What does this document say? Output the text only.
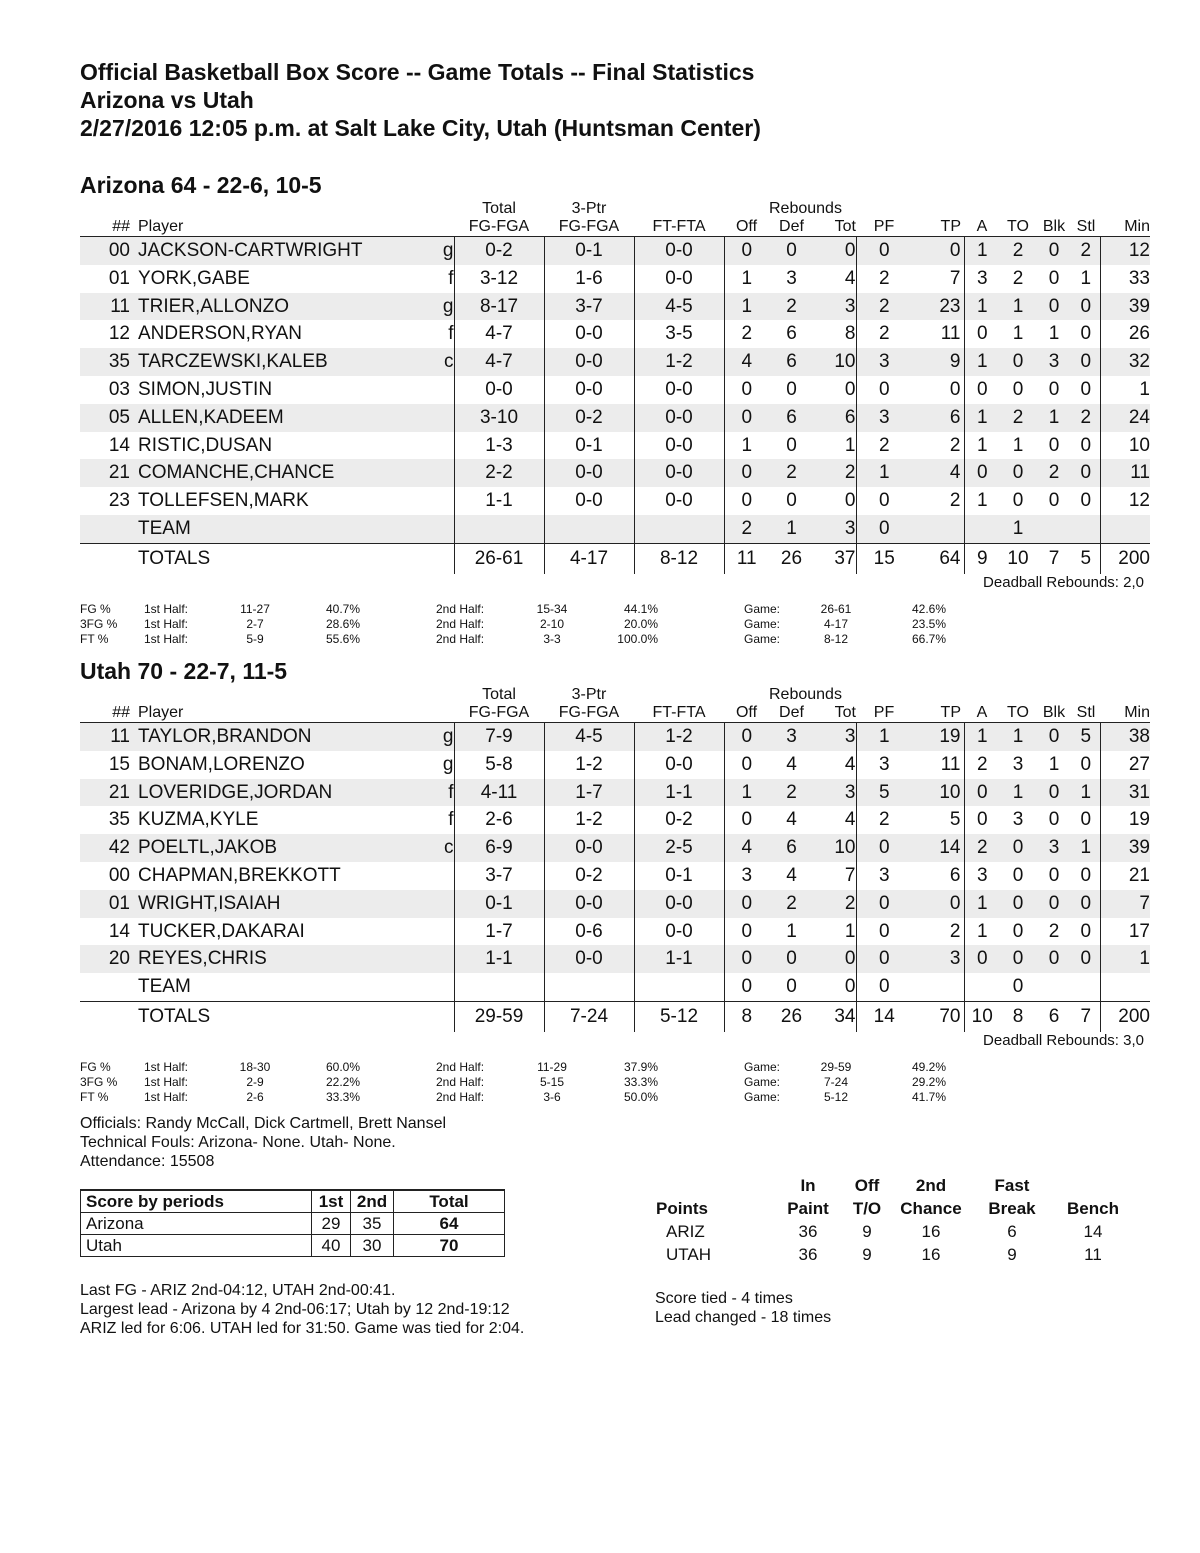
Official Basketball Box Score -- Game Totals -- Final Statistics
Arizona vs Utah
2/27/2016 12:05 p.m. at Salt Lake City, Utah (Huntsman Center)
Arizona 64 - 22-6, 10-5
			Total	3-Ptr			Rebounds								
##	Player		FG-FGA	FG-FGA	FT-FTA	Off	Def	Tot	PF	TP	A	TO	Blk	Stl	Min
00	JACKSON-CARTWRIGHT	g	0-2	0-1	0-0	0	0	0	0	0	1	2	0	2	12
01	YORK,GABE	f	3-12	1-6	0-0	1	3	4	2	7	3	2	0	1	33
11	TRIER,ALLONZO	g	8-17	3-7	4-5	1	2	3	2	23	1	1	0	0	39
12	ANDERSON,RYAN	f	4-7	0-0	3-5	2	6	8	2	11	0	1	1	0	26
35	TARCZEWSKI,KALEB	c	4-7	0-0	1-2	4	6	10	3	9	1	0	3	0	32
03	SIMON,JUSTIN		0-0	0-0	0-0	0	0	0	0	0	0	0	0	0	1
05	ALLEN,KADEEM		3-10	0-2	0-0	0	6	6	3	6	1	2	1	2	24
14	RISTIC,DUSAN		1-3	0-1	0-0	1	0	1	2	2	1	1	0	0	10
21	COMANCHE,CHANCE		2-2	0-0	0-0	0	2	2	1	4	0	0	2	0	11
23	TOLLEFSEN,MARK		1-1	0-0	0-0	0	0	0	0	2	1	0	0	0	12
	TEAM					2	1	3	0			1			
	TOTALS		26-61	4-17	8-12	11	26	37	15	64	9	10	7	5	200
Deadball Rebounds: 2,0
FG %	1st Half:	11-27	40.7%	2nd Half:	15-34	44.1%	Game:	26-61	42.6%
3FG % 1st Half:	2-7	28.6%	2nd Half:	2-10	20.0%	Game:	4-17	23.5%
FT %	1st Half:	5-9	55.6%	2nd Half:	3-3	100.0%	Game:	8-12	66.7%
Utah 70 - 22-7, 11-5
			Total	3-Ptr			Rebounds								
##	Player		FG-FGA	FG-FGA	FT-FTA	Off	Def	Tot	PF	TP	A	TO	Blk	Stl	Min
11	TAYLOR,BRANDON	g	7-9	4-5	1-2	0	3	3	1	19	1	1	0	5	38
15	BONAM,LORENZO	g	5-8	1-2	0-0	0	4	4	3	11	2	3	1	0	27
21	LOVERIDGE,JORDAN	f	4-11	1-7	1-1	1	2	3	5	10	0	1	0	1	31
35	KUZMA,KYLE	f	2-6	1-2	0-2	0	4	4	2	5	0	3	0	0	19
42	POELTL,JAKOB	c	6-9	0-0	2-5	4	6	10	0	14	2	0	3	1	39
00	CHAPMAN,BREKKOTT		3-7	0-2	0-1	3	4	7	3	6	3	0	0	0	21
01	WRIGHT,ISAIAH		0-1	0-0	0-0	0	2	2	0	0	1	0	0	0	7
14	TUCKER,DAKARAI		1-7	0-6	0-0	0	1	1	0	2	1	0	2	0	17
20	REYES,CHRIS		1-1	0-0	1-1	0	0	0	0	3	0	0	0	0	1
	TEAM					0	0	0	0			0			
	TOTALS		29-59	7-24	5-12	8	26	34	14	70	10	8	6	7	200
Deadball Rebounds: 3,0
FG %	1st Half:	18-30	60.0%	2nd Half:	11-29	37.9%	Game:	29-59	49.2%
3FG % 1st Half:	2-9	22.2%	2nd Half:	5-15	33.3%	Game:	7-24	29.2%
FT %	1st Half:	2-6	33.3%	2nd Half:	3-6	50.0%	Game:	5-12	41.7%
Officials: Randy McCall, Dick Cartmell, Brett Nansel
Technical Fouls: Arizona- None. Utah- None.
Attendance: 15508
Score by periods	1st	2nd	Total
Arizona	29	35	64
Utah	40	30	70
	In	Off	2nd	Fast	
Points	Paint	T/O	Chance	Break	Bench
ARIZ	36	9	16	6	14
UTAH	36	9	16	9	11
Last FG - ARIZ 2nd-04:12, UTAH 2nd-00:41.
Largest lead - Arizona by 4 2nd-06:17; Utah by 12 2nd-19:12
ARIZ led for 6:06. UTAH led for 31:50. Game was tied for 2:04.
Score tied - 4 times
Lead changed - 18 times
